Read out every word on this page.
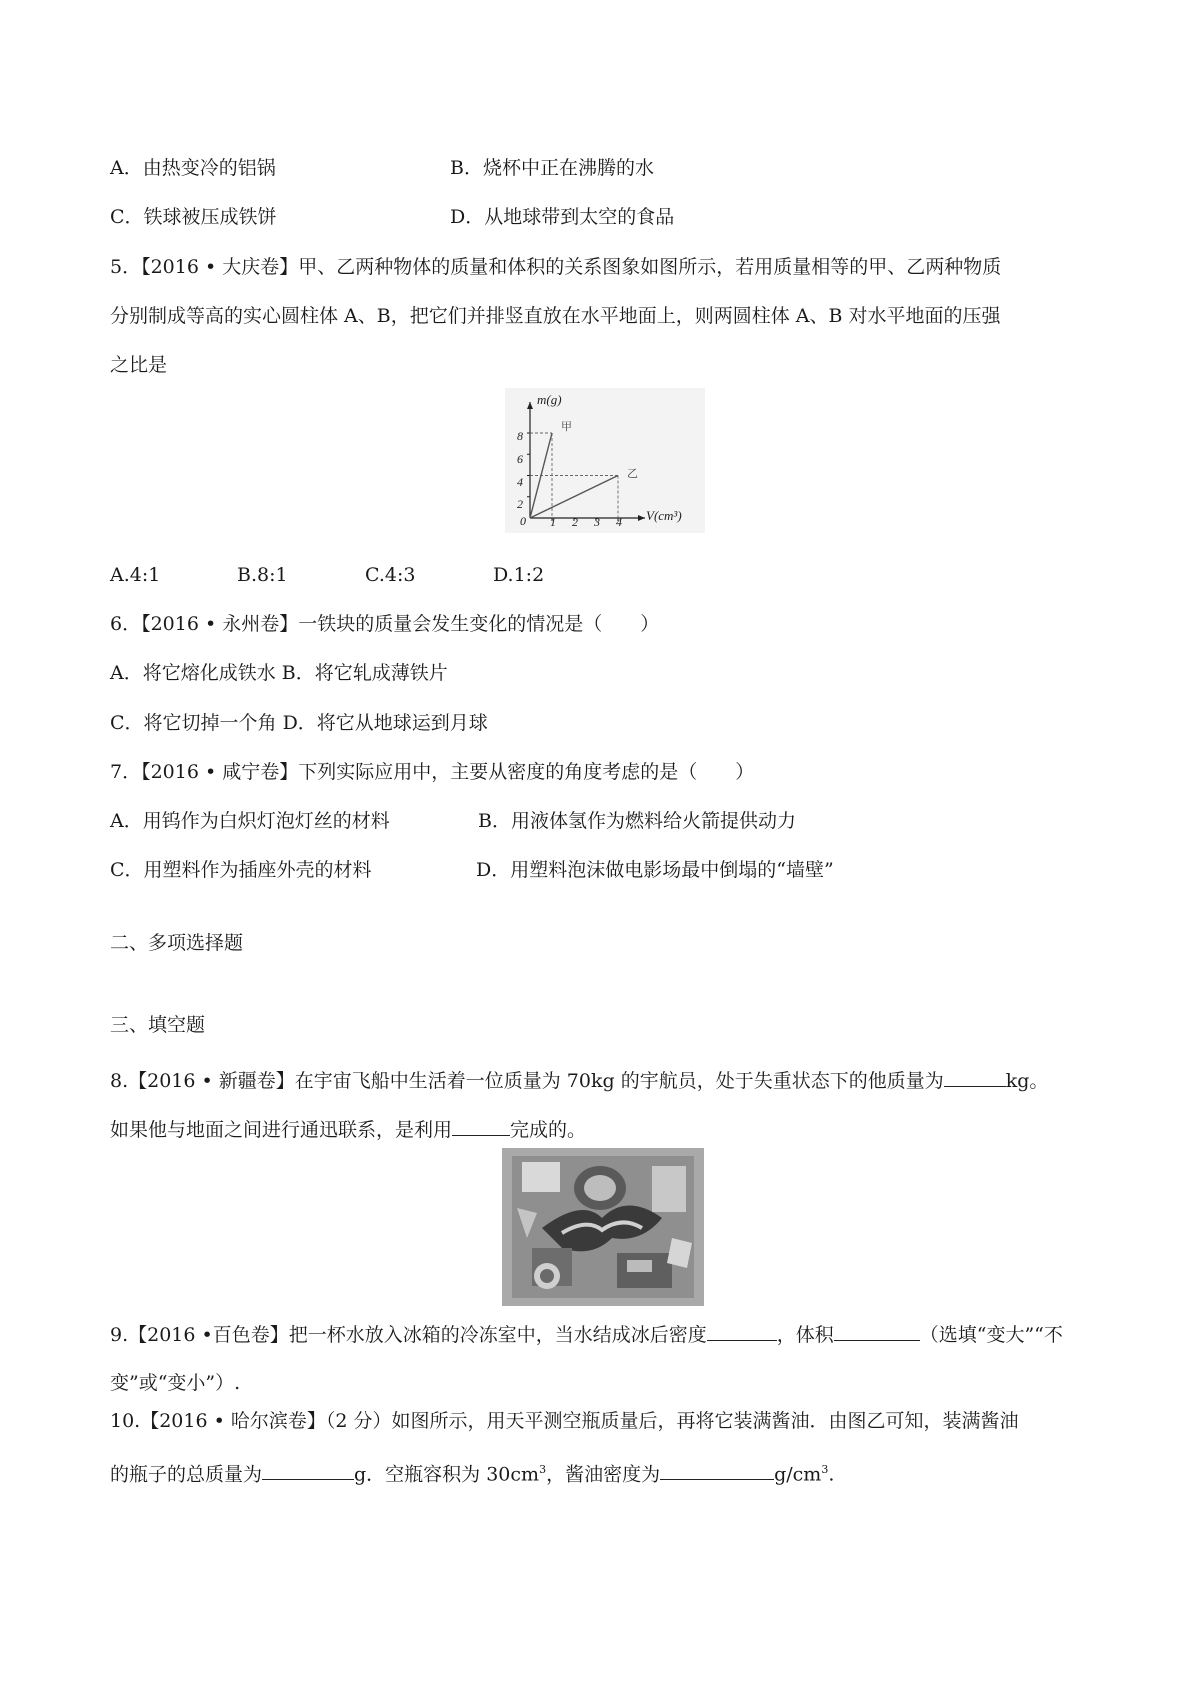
A．由热变冷的铝锅	B．烧杯中正在沸腾的水
C．铁球被压成铁饼	D．从地球带到太空的食品
5．【2016 • 大庆卷】甲、乙两种物体的质量和体积的关系图象如图所示，若用质量相等的甲、乙两种物质
分别制成等高的实心圆柱体 A、B，把它们并排竖直放在水平地面上，则两圆柱体 A、B 对水平地面的压强
之比是
m(g)
V(cm³)
0
2
4
6
8
1 2 3 4
甲
乙
A.4:1	B.8:1	C.4:3	D.1:2
6．【2016 • 永州卷】一铁块的质量会发生变化的情况是（　　）
A．将它熔化成铁水 B．将它轧成薄铁片
C．将它切掉一个角 D．将它从地球运到月球
7．【2016 • 咸宁卷】下列实际应用中，主要从密度的角度考虑的是（　　）
A．用钨作为白炽灯泡灯丝的材料	B．用液体氢作为燃料给火箭提供动力
C．用塑料作为插座外壳的材料	D．用塑料泡沫做电影场最中倒塌的“墙壁”
二、多项选择题
三、填空题
8.【2016 • 新疆卷】在宇宙飞船中生活着一位质量为 70kg 的宇航员，处于失重状态下的他质量为	kg。
如果他与地面之间进行通迅联系，是利用	完成的。
9.【2016 •百色卷】把一杯水放入冰箱的冷冻室中，当水结成冰后密度	，体积	（选填“变大”“不
变”或“变小”）.
10.【2016 • 哈尔滨卷】（2 分）如图所示，用天平测空瓶质量后，再将它装满酱油．由图乙可知，装满酱油
的瓶子的总质量为	g．空瓶容积为 $30cm^3$，酱油密度为	$g/cm^3$.
